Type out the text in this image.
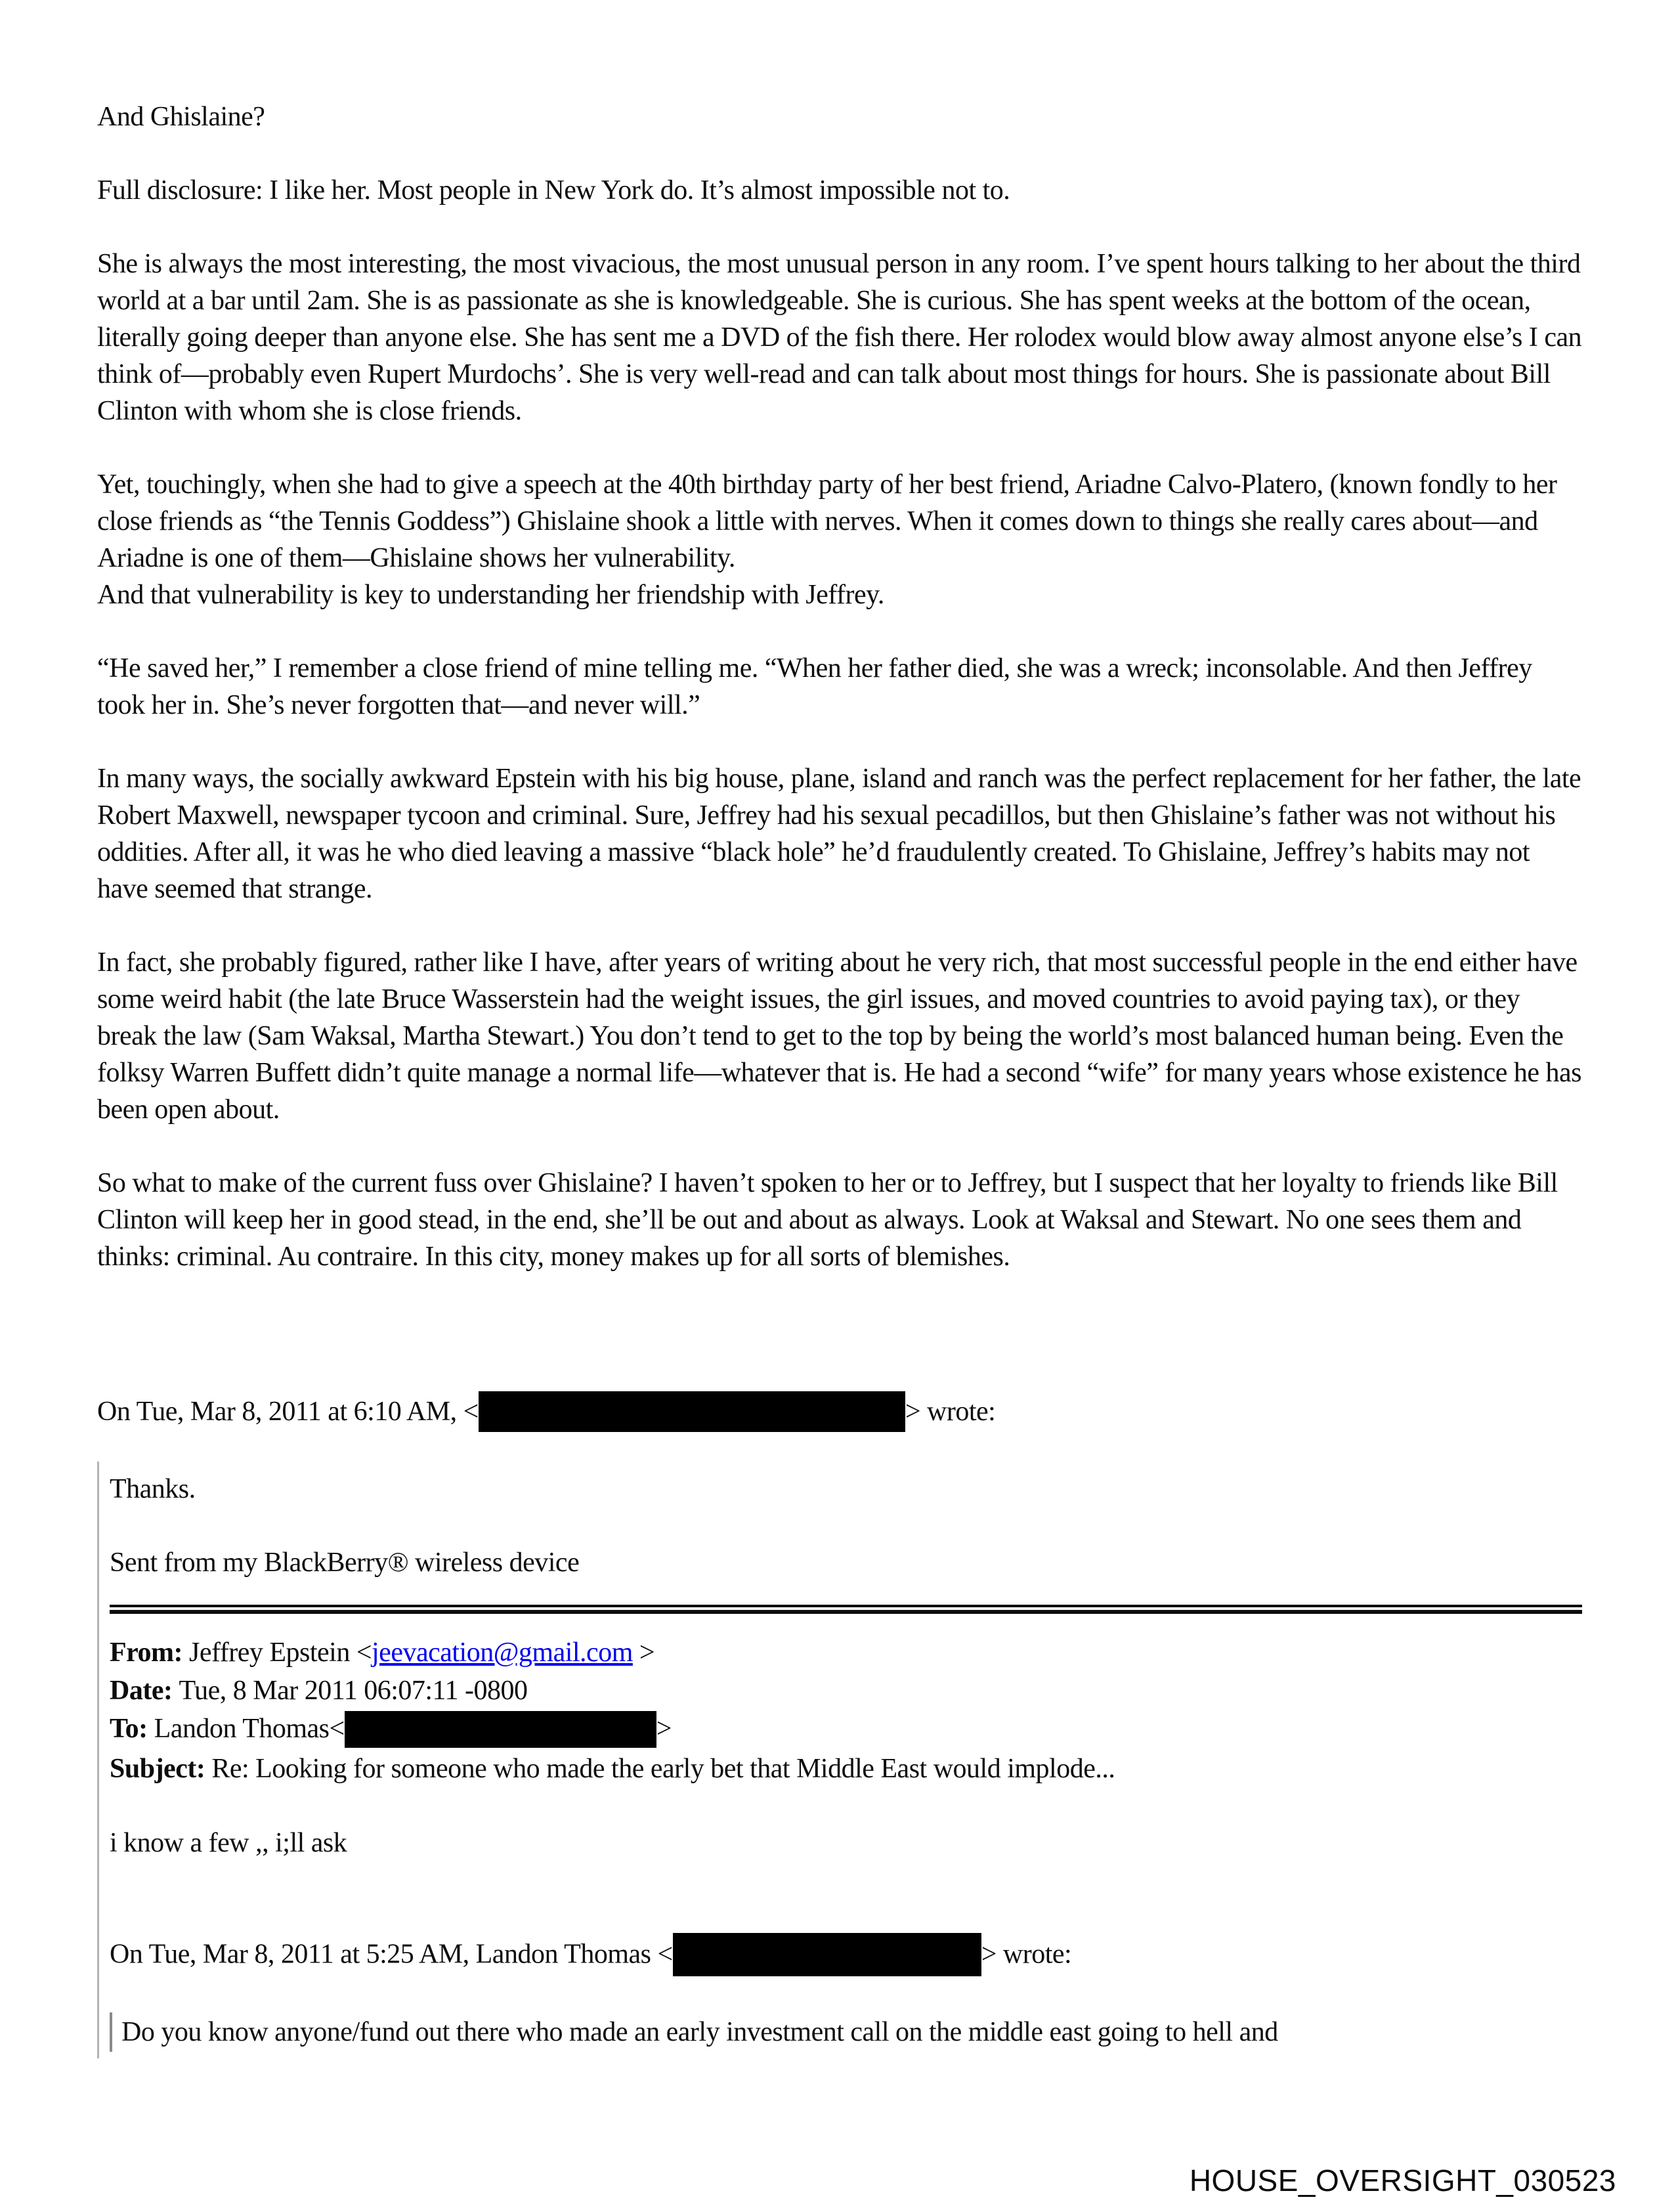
And Ghislaine?

Full disclosure: I like her. Most people in New York do. It’s almost impossible not to.

She is always the most interesting, the most vivacious, the most unusual person in any room. I’ve spent hours talking to her about the third world at a bar until 2am. She is as passionate as she is knowledgeable. She is curious. She has spent weeks at the bottom of the ocean, literally going deeper than anyone else. She has sent me a DVD of the fish there. Her rolodex would blow away almost anyone else’s I can think of—probably even Rupert Murdochs’. She is very well-read and can talk about most things for hours. She is passionate about Bill Clinton with whom she is close friends.

Yet, touchingly, when she had to give a speech at the 40th birthday party of her best friend, Ariadne Calvo-Platero, (known fondly to her close friends as “the Tennis Goddess”) Ghislaine shook a little with nerves. When it comes down to things she really cares about—and Ariadne is one of them—Ghislaine shows her vulnerability.

And that vulnerability is key to understanding her friendship with Jeffrey.

“He saved her,” I remember a close friend of mine telling me. “When her father died, she was a wreck; inconsolable. And then Jeffrey took her in. She’s never forgotten that—and never will.”

In many ways, the socially awkward Epstein with his big house, plane, island and ranch was the perfect replacement for her father, the late Robert Maxwell, newspaper tycoon and criminal. Sure, Jeffrey had his sexual pecadillos, but then Ghislaine’s father was not without his oddities. After all, it was he who died leaving a massive “black hole” he’d fraudulently created. To Ghislaine, Jeffrey’s habits may not have seemed that strange.

In fact, she probably figured, rather like I have, after years of writing about he very rich, that most successful people in the end either have some weird habit (the late Bruce Wasserstein had the weight issues, the girl issues, and moved countries to avoid paying tax), or they break the law (Sam Waksal, Martha Stewart.) You don’t tend to get to the top by being the world’s most balanced human being. Even the folksy Warren Buffett didn’t quite manage a normal life—whatever that is. He had a second “wife” for many years whose existence he has been open about.

So what to make of the current fuss over Ghislaine? I haven’t spoken to her or to Jeffrey, but I suspect that her loyalty to friends like Bill Clinton will keep her in good stead, in the end, she’ll be out and about as always. Look at Waksal and Stewart. No one sees them and thinks: criminal. Au contraire. In this city, money makes up for all sorts of blemishes.

On Tue, Mar 8, 2011 at 6:10 AM, <	> wrote:

Thanks.

Sent from my BlackBerry® wireless device

From: Jeffrey Epstein <jeevacation@gmail.com >
Date: Tue, 8 Mar 2011 06:07:11 -0800
To: Landon Thomas<	>
Subject: Re: Looking for someone who made the early bet that Middle East would implode...

i know a few ,, i;ll ask

On Tue, Mar 8, 2011 at 5:25 AM, Landon Thomas <	> wrote:

Do you know anyone/fund out there who made an early investment call on the middle east going to hell and

HOUSE_OVERSIGHT_030523
